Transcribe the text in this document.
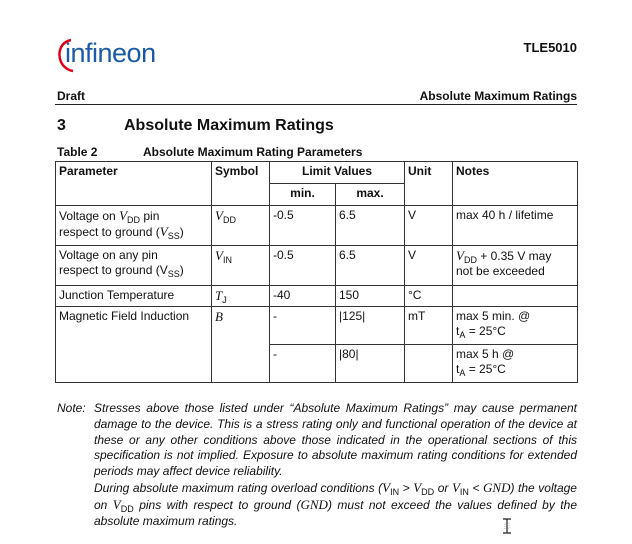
infineon	TLE5010
Draft	Absolute Maximum Ratings
3	Absolute Maximum Ratings
Table 2	Absolute Maximum Rating Parameters
Parameter	Symbol	Limit Values		Unit	Notes
		min.	max.		
Voltage on $V_{DD}$ pin
respect to ground $(V_{SS})$	$V_{DD}$	-0.5	6.5	V	max 40 h / lifetime
Voltage on any pin
respect to ground $(V_{SS})$	$V_{IN}$	-0.5	6.5	V	$V_{DD} + 0.35$ V may
not be exceeded
Junction Temperature	$T_J$	-40	150	°C	
Magnetic Field Induction	B	-	|125|	mT	max 5 min. @
$t_A = 25^\circ C$
		-	|80|		max 5 h @
$t_A = 25^\circ C$
Note: Stresses above those listed under “Absolute Maximum Ratings” may cause permanent damage to the device. This is a stress rating only and functional operation of the device at these or any other conditions above those indicated in the operational sections of this specification is not implied. Exposure to absolute maximum rating conditions for extended periods may affect device reliability.
During absolute maximum rating overload conditions ($V_{IN} > V_{DD}$ or $V_{IN} < GND$) the voltage on $V_{DD}$ pins with respect to ground (GND) must not exceed the values defined by the absolute maximum ratings.
